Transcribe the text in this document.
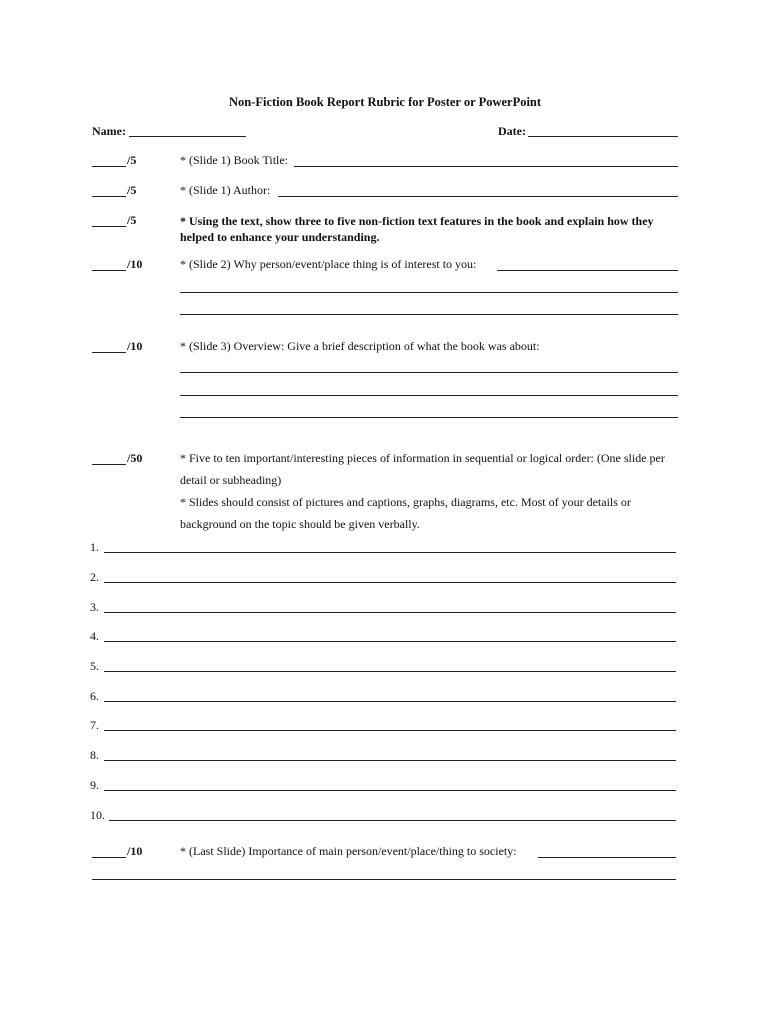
Non-Fiction Book Report Rubric for Poster or PowerPoint
Name:	Date:
/5	* (Slide 1) Book Title:
/5	* (Slide 1) Author:
/5	* Using the text, show three to five non-fiction text features in the book and explain how they helped to enhance your understanding.
/10	* (Slide 2) Why person/event/place thing is of interest to you:
/10	* (Slide 3) Overview: Give a brief description of what the book was about:
/50	* Five to ten important/interesting pieces of information in sequential or logical order: (One slide per detail or subheading)
* Slides should consist of pictures and captions, graphs, diagrams, etc. Most of your details or background on the topic should be given verbally.
1.
2.
3.
4.
5.
6.
7.
8.
9.
10.
/10	* (Last Slide) Importance of main person/event/place/thing to society:
